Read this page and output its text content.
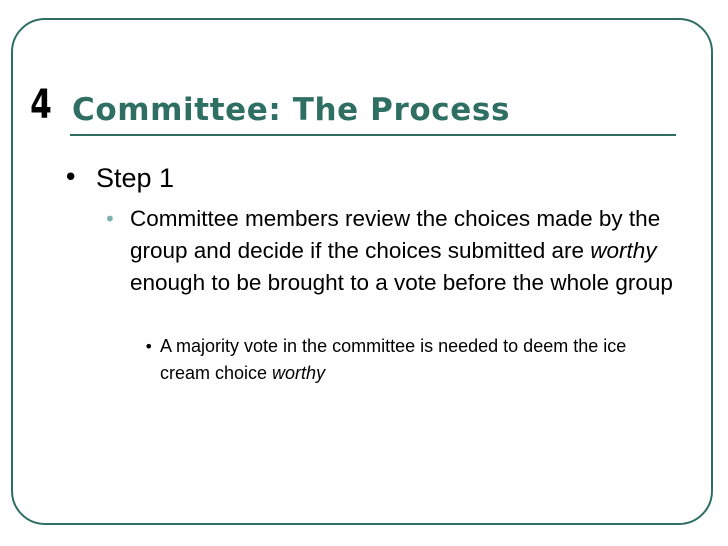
4 Committee: The Process
• Step 1
• Committee members review the choices made by the group and decide if the choices submitted are worthy enough to be brought to a vote before the whole group
• A majority vote in the committee is needed to deem the ice cream choice worthy
